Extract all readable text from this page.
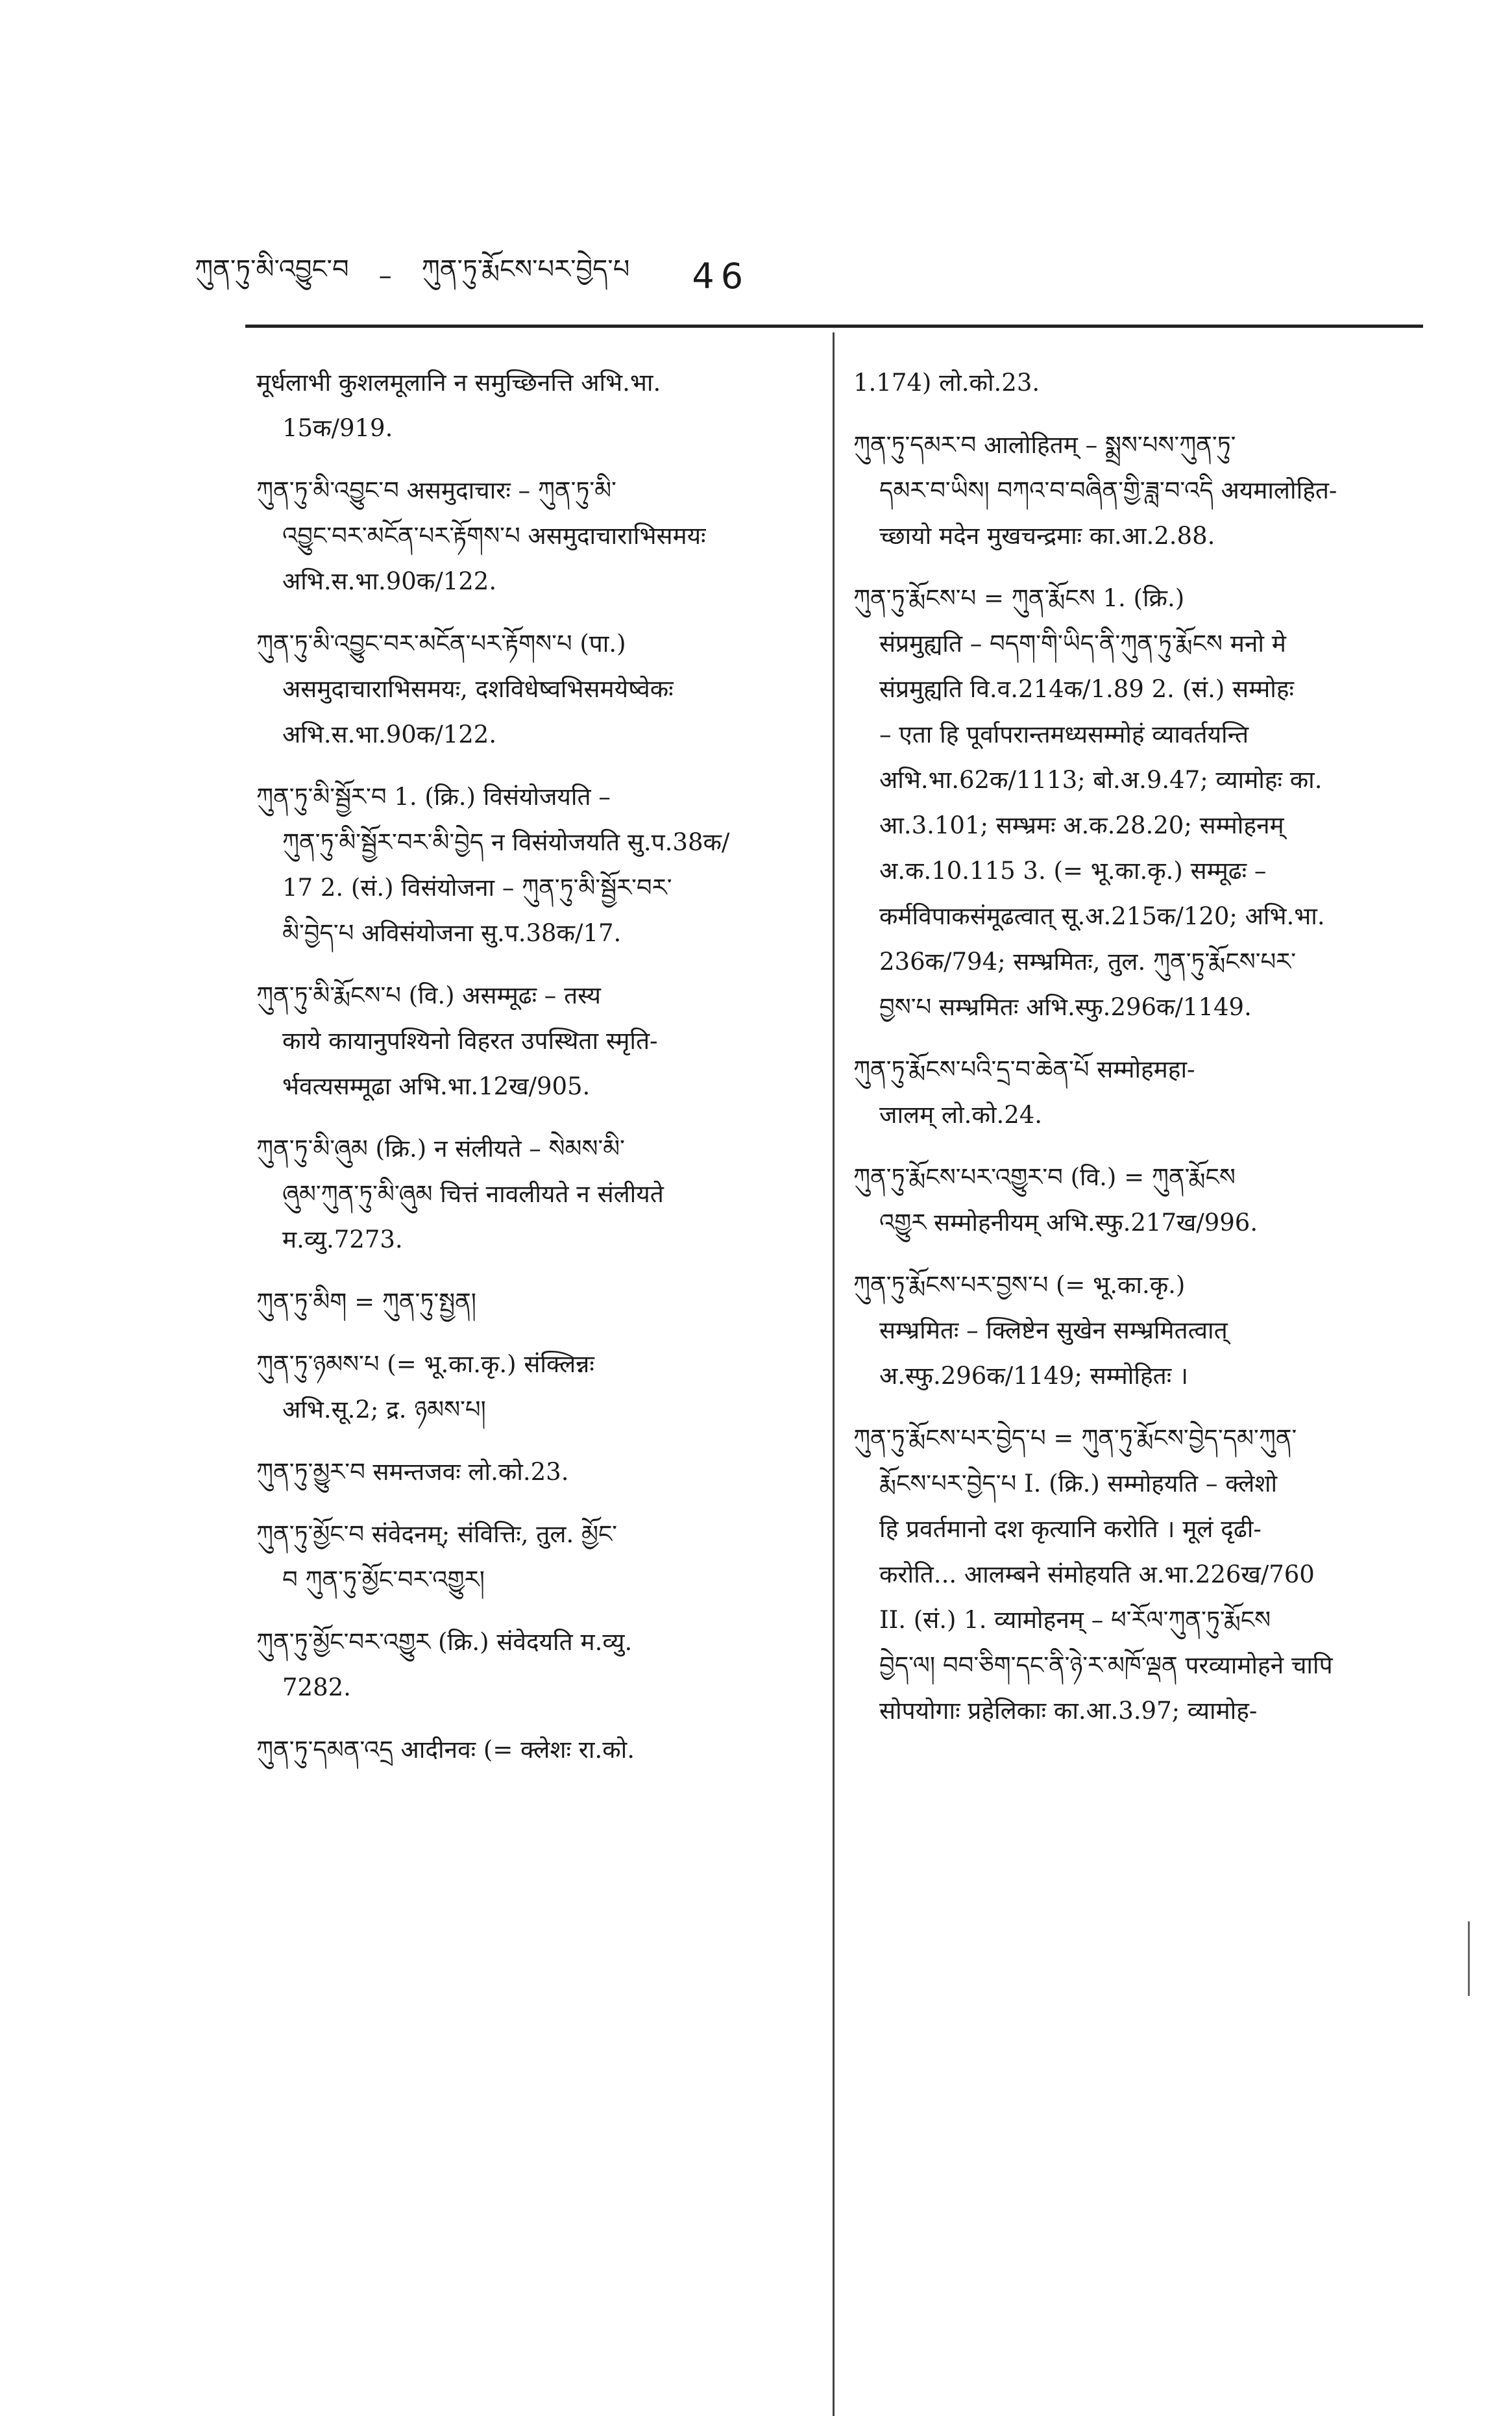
ཀུན་ཏུ་མི་འབྱུང་བ – ཀུན་ཏུ་རྨོངས་པར་བྱེད་པ 46
मूर्धलाभी कुशलमूलानि न समुच्छिनत्ति अभि.भा.
15क/919.
ཀུན་ཏུ་མི་འབྱུང་བ असमुदाचारः – ཀུན་ཏུ་མི་
འབྱུང་བར་མངོན་པར་རྟོགས་པ असमुदाचाराभिसमयः
अभि.स.भा.90क/122.
ཀུན་ཏུ་མི་འབྱུང་བར་མངོན་པར་རྟོགས་པ (पा.)
असमुदाचाराभिसमयः, दशविधेष्वभिसमयेष्वेकः
अभि.स.भा.90क/122.
ཀུན་ཏུ་མི་སྦྱོར་བ 1. (क्रि.) विसंयोजयति –
ཀུན་ཏུ་མི་སྦྱོར་བར་མི་བྱེད न विसंयोजयति सु.प.38क/
17 2. (सं.) विसंयोजना – ཀུན་ཏུ་མི་སྦྱོར་བར་
མི་བྱེད་པ अविसंयोजना सु.प.38क/17.
ཀུན་ཏུ་མི་རྨོངས་པ (वि.) असम्मूढः – तस्य
काये कायानुपश्यिनो विहरत उपस्थिता स्मृति-
र्भवत्यसम्मूढा अभि.भा.12ख/905.
ཀུན་ཏུ་མི་ཞུམ (क्रि.) न संलीयते – སེམས་མི་
ཞུམ་ཀུན་ཏུ་མི་ཞུམ चित्तं नावलीयते न संलीयते
म.व्यु.7273.
ཀུན་ཏུ་མིག = ཀུན་ཏུ་སྤྱན།
ཀུན་ཏུ་ཉམས་པ (= भू.का.कृ.) संक्लिन्नः
अभि.सू.2; द्र. ཉམས་པ།
ཀུན་ཏུ་མྱུར་བ समन्तजवः लो.को.23.
ཀུན་ཏུ་མྱོང་བ संवेदनम्; संवित्तिः, तुल. མྱོང་
བ ཀུན་ཏུ་མྱོང་བར་འགྱུར།
ཀུན་ཏུ་མྱོང་བར་འགྱུར (क्रि.) संवेदयति म.व्यु.
7282.
ཀུན་ཏུ་དམན་འདྲ आदीनवः (= क्लेशः रा.को.
1.174) लो.को.23.
ཀུན་ཏུ་དམར་བ आलोहितम् – སྨྲས་པས་ཀུན་ཏུ་
དམར་བ་ཡིས། བཀའ་བ་བཞིན་གྱི་ཟླ་བ་འདི अयमालोहित-
च्छायो मदेन मुखचन्द्रमाः का.आ.2.88.
ཀུན་ཏུ་རྨོངས་པ = ཀུན་རྨོངས 1. (क्रि.)
संप्रमुह्यति – བདག་གི་ཡིད་ནི་ཀུན་ཏུ་རྨོངས मनो मे
संप्रमुह्यति वि.व.214क/1.89 2. (सं.) सम्मोहः
– एता हि पूर्वापरान्तमध्यसम्मोहं व्यावर्तयन्ति
अभि.भा.62क/1113; बो.अ.9.47; व्यामोहः का.
आ.3.101; सम्भ्रमः अ.क.28.20; सम्मोहनम्
अ.क.10.115 3. (= भू.का.कृ.) सम्मूढः –
कर्मविपाकसंमूढत्वात् सू.अ.215क/120; अभि.भा.
236क/794; सम्भ्रमितः, तुल. ཀུན་ཏུ་རྨོངས་པར་
བྱས་པ सम्भ्रमितः अभि.स्फु.296क/1149.
ཀུན་ཏུ་རྨོངས་པའི་དྲ་བ་ཆེན་པོ सम्मोहमहा-
जालम् लो.को.24.
ཀུན་ཏུ་རྨོངས་པར་འགྱུར་བ (वि.) = ཀུན་རྨོངས
འགྱུར सम्मोहनीयम् अभि.स्फु.217ख/996.
ཀུན་ཏུ་རྨོངས་པར་བྱས་པ (= भू.का.कृ.)
सम्भ्रमितः – क्लिष्टेन सुखेन सम्भ्रमितत्वात्
अ.स्फु.296क/1149; सम्मोहितः ।
ཀུན་ཏུ་རྨོངས་པར་བྱེད་པ = ཀུན་ཏུ་རྨོངས་བྱེད་དམ་ཀུན་
རྨོངས་པར་བྱེད་པ I. (क्रि.) सम्मोहयति – क्लेशो
हि प्रवर्तमानो दश कृत्यानि करोति । मूलं दृढी-
करोति... आलम्बने संमोहयति अ.भा.226ख/760
II. (सं.) 1. व्यामोहनम् – ཕ་རོལ་ཀུན་ཏུ་རྨོངས
བྱེད་ལ། བབ་ཅིག་དང་ནི་ཉེ་ར་མཁོ་ལྡན परव्यामोहने चापि
सोपयोगाः प्रहेलिकाः का.आ.3.97; व्यामोह-
